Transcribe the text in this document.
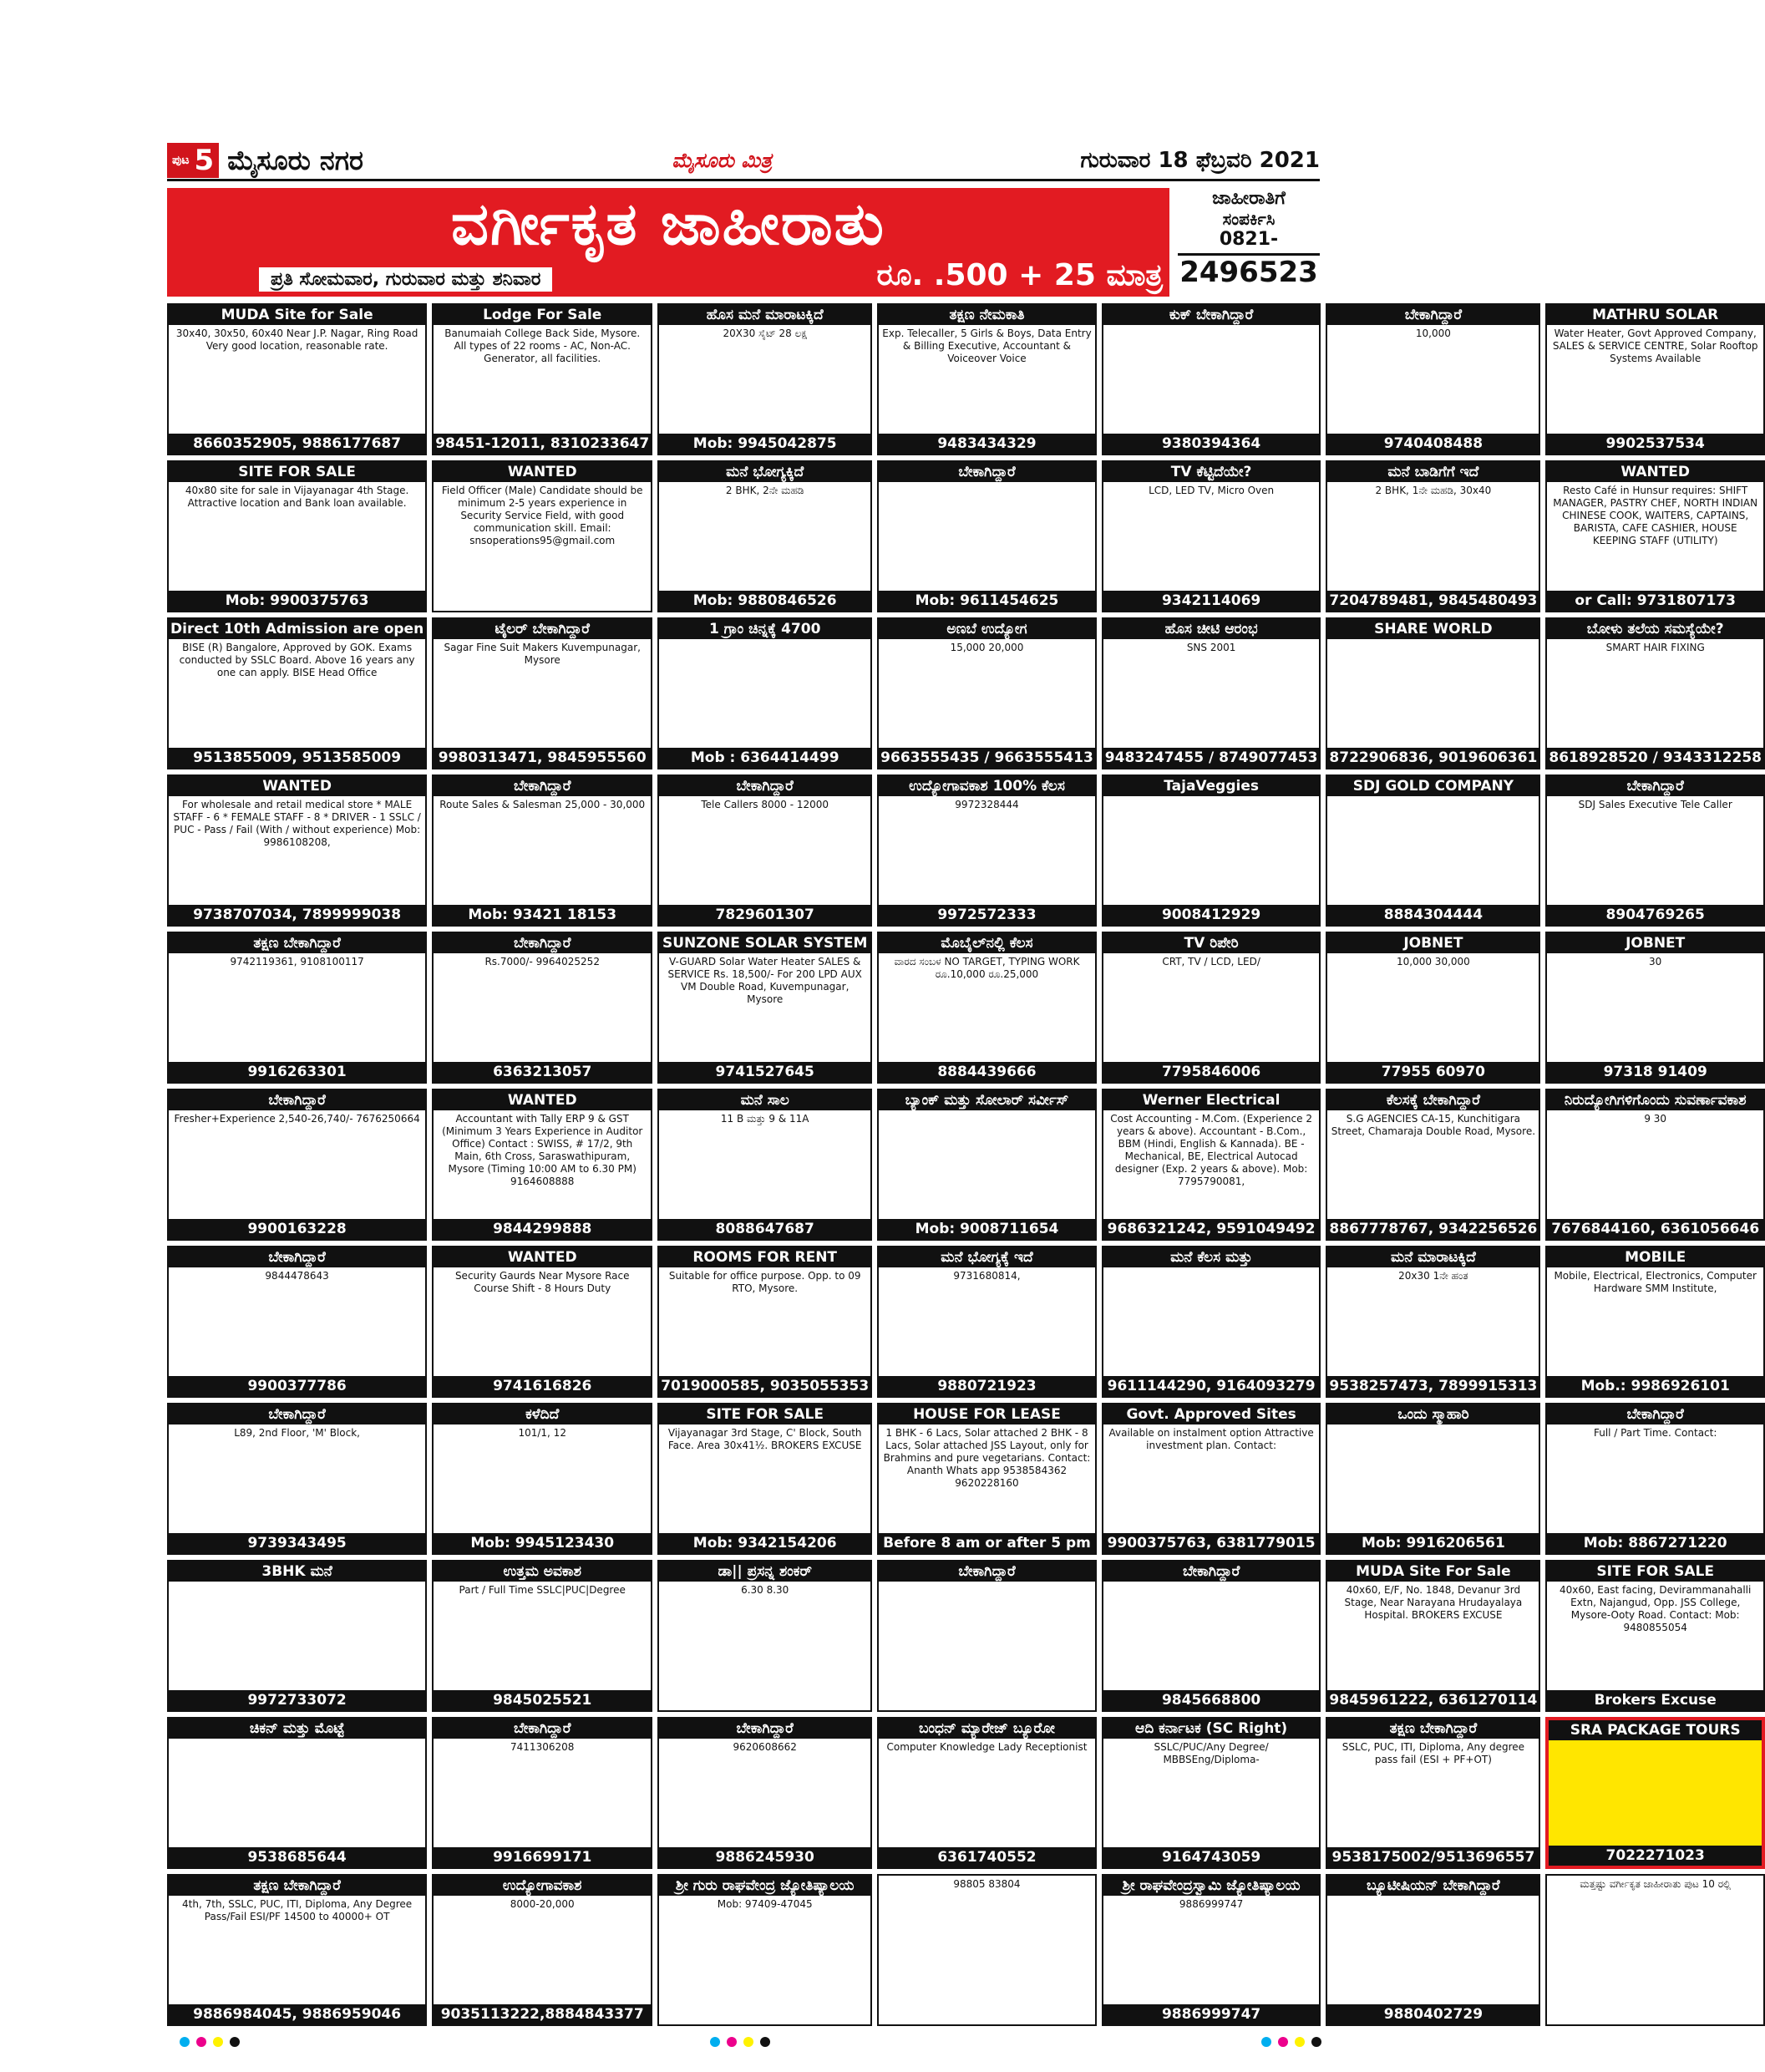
ಪುಟ 5 ಮೈಸೂರು ನಗರ	ಮೈಸೂರು ಮಿತ್ರ	ಗುರುವಾರ 18 ಫೆಬ್ರವರಿ 2021
ವರ್ಗೀಕೃತ ಜಾಹೀರಾತು
ಪ್ರತಿ ಸೋಮವಾರ, ಗುರುವಾರ ಮತ್ತು ಶನಿವಾರ	ರೂ. .500 + 25 ಮಾತ್ರ
ಜಾಹೀರಾತಿಗೆ
ಸಂಪರ್ಕಿಸಿ
0821-
2496523
MUDA Site for Sale
30x40, 30x50, 60x40 Near J.P. Nagar, Ring Road Very good location, reasonable rate.
8660352905, 9886177687
Lodge For Sale
Banumaiah College Back Side, Mysore. All types of 22 rooms - AC, Non-AC. Generator, all facilities.
98451-12011, 8310233647
ಹೊಸ ಮನೆ ಮಾರಾಟಕ್ಕಿದೆ
20X30 ಸೈಟ್ 28 ಲಕ್ಷ
Mob: 9945042875
ತಕ್ಷಣ ನೇಮಕಾತಿ
Exp. Telecaller, 5 Girls & Boys, Data Entry & Billing Executive, Accountant & Voiceover Voice
9483434329
ಕುಕ್ ಬೇಕಾಗಿದ್ದಾರೆ
9380394364
ಬೇಕಾಗಿದ್ದಾರೆ
10,000
9740408488
MATHRU SOLAR
Water Heater, Govt Approved Company, SALES & SERVICE CENTRE, Solar Rooftop Systems Available
9902537534
SITE FOR SALE
40x80 site for sale in Vijayanagar 4th Stage. Attractive location and Bank loan available.
Mob: 9900375763
WANTED
Field Officer (Male) Candidate should be minimum 2-5 years experience in Security Service Field, with good communication skill. Email: snsoperations95@gmail.com
ಮನೆ ಭೋಗ್ಯಕ್ಕಿದೆ
2 BHK, 2ನೇ ಮಹಡಿ
Mob: 9880846526
ಬೇಕಾಗಿದ್ದಾರೆ
Mob: 9611454625
TV ಕೆಟ್ಟಿದೆಯೇ?
LCD, LED TV, Micro Oven
9342114069
ಮನೆ ಬಾಡಿಗೆಗೆ ಇದೆ
2 BHK, 1ನೇ ಮಹಡಿ, 30x40
7204789481, 9845480493
WANTED
Resto Café in Hunsur requires: SHIFT MANAGER, PASTRY CHEF, NORTH INDIAN CHINESE COOK, WAITERS, CAPTAINS, BARISTA, CAFE CASHIER, HOUSE KEEPING STAFF (UTILITY)
or Call: 9731807173
Direct 10th Admission are open
BISE (R) Bangalore, Approved by GOK. Exams conducted by SSLC Board. Above 16 years any one can apply. BISE Head Office
9513855009, 9513585009
ಟೈಲರ್ ಬೇಕಾಗಿದ್ದಾರೆ
Sagar Fine Suit Makers Kuvempunagar, Mysore
9980313471, 9845955560
1 ಗ್ರಾಂ ಚಿನ್ನಕ್ಕೆ 4700
Mob : 6364414499
ಅಣಬೆ ಉದ್ಯೋಗ
15,000 20,000
9663555435 / 9663555413
ಹೊಸ ಚೀಟಿ ಆರಂಭ
SNS 2001
9483247455 / 8749077453
SHARE WORLD
8722906836, 9019606361
ಬೋಳು ತಲೆಯ ಸಮಸ್ಯೆಯೇ?
SMART HAIR FIXING
8618928520 / 9343312258
WANTED
For wholesale and retail medical store * MALE STAFF - 6 * FEMALE STAFF - 8 * DRIVER - 1 SSLC / PUC - Pass / Fail (With / without experience) Mob: 9986108208,
9738707034, 7899999038
ಬೇಕಾಗಿದ್ದಾರೆ
Route Sales & Salesman 25,000 - 30,000
Mob: 93421 18153
ಬೇಕಾಗಿದ್ದಾರೆ
Tele Callers 8000 - 12000
7829601307
ಉದ್ಯೋಗಾವಕಾಶ 100% ಕೆಲಸ
9972328444
9972572333
TajaVeggies
9008412929
SDJ GOLD COMPANY
8884304444
ಬೇಕಾಗಿದ್ದಾರೆ
SDJ Sales Executive Tele Caller
8904769265
ತಕ್ಷಣ ಬೇಕಾಗಿದ್ದಾರೆ
9742119361, 9108100117
9916263301
ಬೇಕಾಗಿದ್ದಾರೆ
Rs.7000/- 9964025252
6363213057
SUNZONE SOLAR SYSTEM
V-GUARD Solar Water Heater SALES & SERVICE Rs. 18,500/- For 200 LPD AUX VM Double Road, Kuvempunagar, Mysore
9741527645
ಮೊಬೈಲ್‌ನಲ್ಲಿ ಕೆಲಸ
ವಾರದ ಸಂಬಳ NO TARGET, TYPING WORK ರೂ.10,000 ರೂ.25,000
8884439666
TV ರಿಪೇರಿ
CRT, TV / LCD, LED/
7795846006
JOBNET
10,000 30,000
77955 60970
JOBNET
30
97318 91409
ಬೇಕಾಗಿದ್ದಾರೆ
Fresher+Experience 2,540-26,740/- 7676250664
9900163228
WANTED
Accountant with Tally ERP 9 & GST (Minimum 3 Years Experience in Auditor Office) Contact : SWISS, # 17/2, 9th Main, 6th Cross, Saraswathipuram, Mysore (Timing 10:00 AM to 6.30 PM) 9164608888
9844299888
ಮನೆ ಸಾಲ
11 B ಮತ್ತು 9 & 11A
8088647687
ಬ್ಯಾಂಕ್ ಮತ್ತು ಸೋಲಾರ್ ಸರ್ವೀಸ್
Mob: 9008711654
Werner Electrical
Cost Accounting - M.Com. (Experience 2 years & above). Accountant - B.Com., BBM (Hindi, English & Kannada). BE - Mechanical, BE, Electrical Autocad designer (Exp. 2 years & above). Mob: 7795790081,
9686321242, 9591049492
ಕೆಲಸಕ್ಕೆ ಬೇಕಾಗಿದ್ದಾರೆ
S.G AGENCIES CA-15, Kunchitigara Street, Chamaraja Double Road, Mysore.
8867778767, 9342256526
ನಿರುದ್ಯೋಗಿಗಳಿಗೊಂದು ಸುವರ್ಣಾವಕಾಶ
9 30
7676844160, 6361056646
ಬೇಕಾಗಿದ್ದಾರೆ
9844478643
9900377786
WANTED
Security Gaurds Near Mysore Race Course Shift - 8 Hours Duty
9741616826
ROOMS FOR RENT
Suitable for office purpose. Opp. to 09 RTO, Mysore.
7019000585, 9035055353
ಮನೆ ಭೋಗ್ಯಕ್ಕೆ ಇದೆ
9731680814,
9880721923
ಮನೆ ಕೆಲಸ ಮತ್ತು
9611144290, 9164093279
ಮನೆ ಮಾರಾಟಕ್ಕಿದೆ
20x30 1ನೇ ಹಂತ
9538257473, 7899915313
MOBILE
Mobile, Electrical, Electronics, Computer Hardware SMM Institute,
Mob.: 9986926101
ಬೇಕಾಗಿದ್ದಾರೆ
L89, 2nd Floor, 'M' Block,
9739343495
ಕಳೆದಿದೆ
101/1, 12
Mob: 9945123430
SITE FOR SALE
Vijayanagar 3rd Stage, C' Block, South Face. Area 30x41½. BROKERS EXCUSE
Mob: 9342154206
HOUSE FOR LEASE
1 BHK - 6 Lacs, Solar attached 2 BHK - 8 Lacs, Solar attached JSS Layout, only for Brahmins and pure vegetarians. Contact: Ananth Whats app 9538584362 9620228160
Before 8 am or after 5 pm
Govt. Approved Sites
Available on instalment option Attractive investment plan. Contact:
9900375763, 6381779015
ಒಂದು ಸ್ಮಾಹಾರಿ
Mob: 9916206561
ಬೇಕಾಗಿದ್ದಾರೆ
Full / Part Time. Contact:
Mob: 8867271220
3BHK ಮನೆ
9972733072
ಉತ್ತಮ ಅವಕಾಶ
Part / Full Time SSLC|PUC|Degree
9845025521
ಡಾ|| ಪ್ರಸನ್ನ ಶಂಕರ್
6.30 8.30
ಬೇಕಾಗಿದ್ದಾರೆ	ಬೇಕಾಗಿದ್ದಾರೆ
9845668800
MUDA Site For Sale
40x60, E/F, No. 1848, Devanur 3rd Stage, Near Narayana Hrudayalaya Hospital. BROKERS EXCUSE
9845961222, 6361270114
SITE FOR SALE
40x60, East facing, Devirammanahalli Extn, Najangud, Opp. JSS College, Mysore-Ooty Road. Contact: Mob: 9480855054
Brokers Excuse
ಚಿಕನ್ ಮತ್ತು ಮೊಟ್ಟೆ
9538685644
ಬೇಕಾಗಿದ್ದಾರೆ
7411306208
9916699171
ಬೇಕಾಗಿದ್ದಾರೆ
9620608662
9886245930
ಬಂಧನ್ ಮ್ಯಾರೇಜ್ ಬ್ಯೂರೋ
Computer Knowledge Lady Receptionist
6361740552
ಆದಿ ಕರ್ನಾಟಕ (SC Right)
SSLC/PUC/Any Degree/ MBBSEng/Diploma-
9164743059
ತಕ್ಷಣ ಬೇಕಾಗಿದ್ದಾರೆ
SSLC, PUC, ITI, Diploma, Any degree pass fail (ESI + PF+OT)
9538175002/9513696557
SRA PACKAGE TOURS
7022271023
ತಕ್ಷಣ ಬೇಕಾಗಿದ್ದಾರೆ
4th, 7th, SSLC, PUC, ITI, Diploma, Any Degree Pass/Fail ESI/PF 14500 to 40000+ OT
9886984045, 9886959046
ಉದ್ಯೋಗಾವಕಾಶ
8000-20,000
9035113222,8884843377
ಶ್ರೀ ಗುರು ರಾಘವೇಂದ್ರ ಜ್ಯೋತಿಷ್ಯಾಲಯ
Mob: 97409-47045
98805 83804	ಶ್ರೀ ರಾಘವೇಂದ್ರಸ್ವಾಮಿ ಜ್ಯೋತಿಷ್ಯಾಲಯ
9886999747
9886999747
ಬ್ಯೂಟೀಷಿಯನ್ ಬೇಕಾಗಿದ್ದಾರೆ
9880402729
ಮತ್ತಷ್ಟು ವರ್ಗೀಕೃತ ಜಾಹೀರಾತು ಪುಟ 10 ರಲ್ಲಿ
